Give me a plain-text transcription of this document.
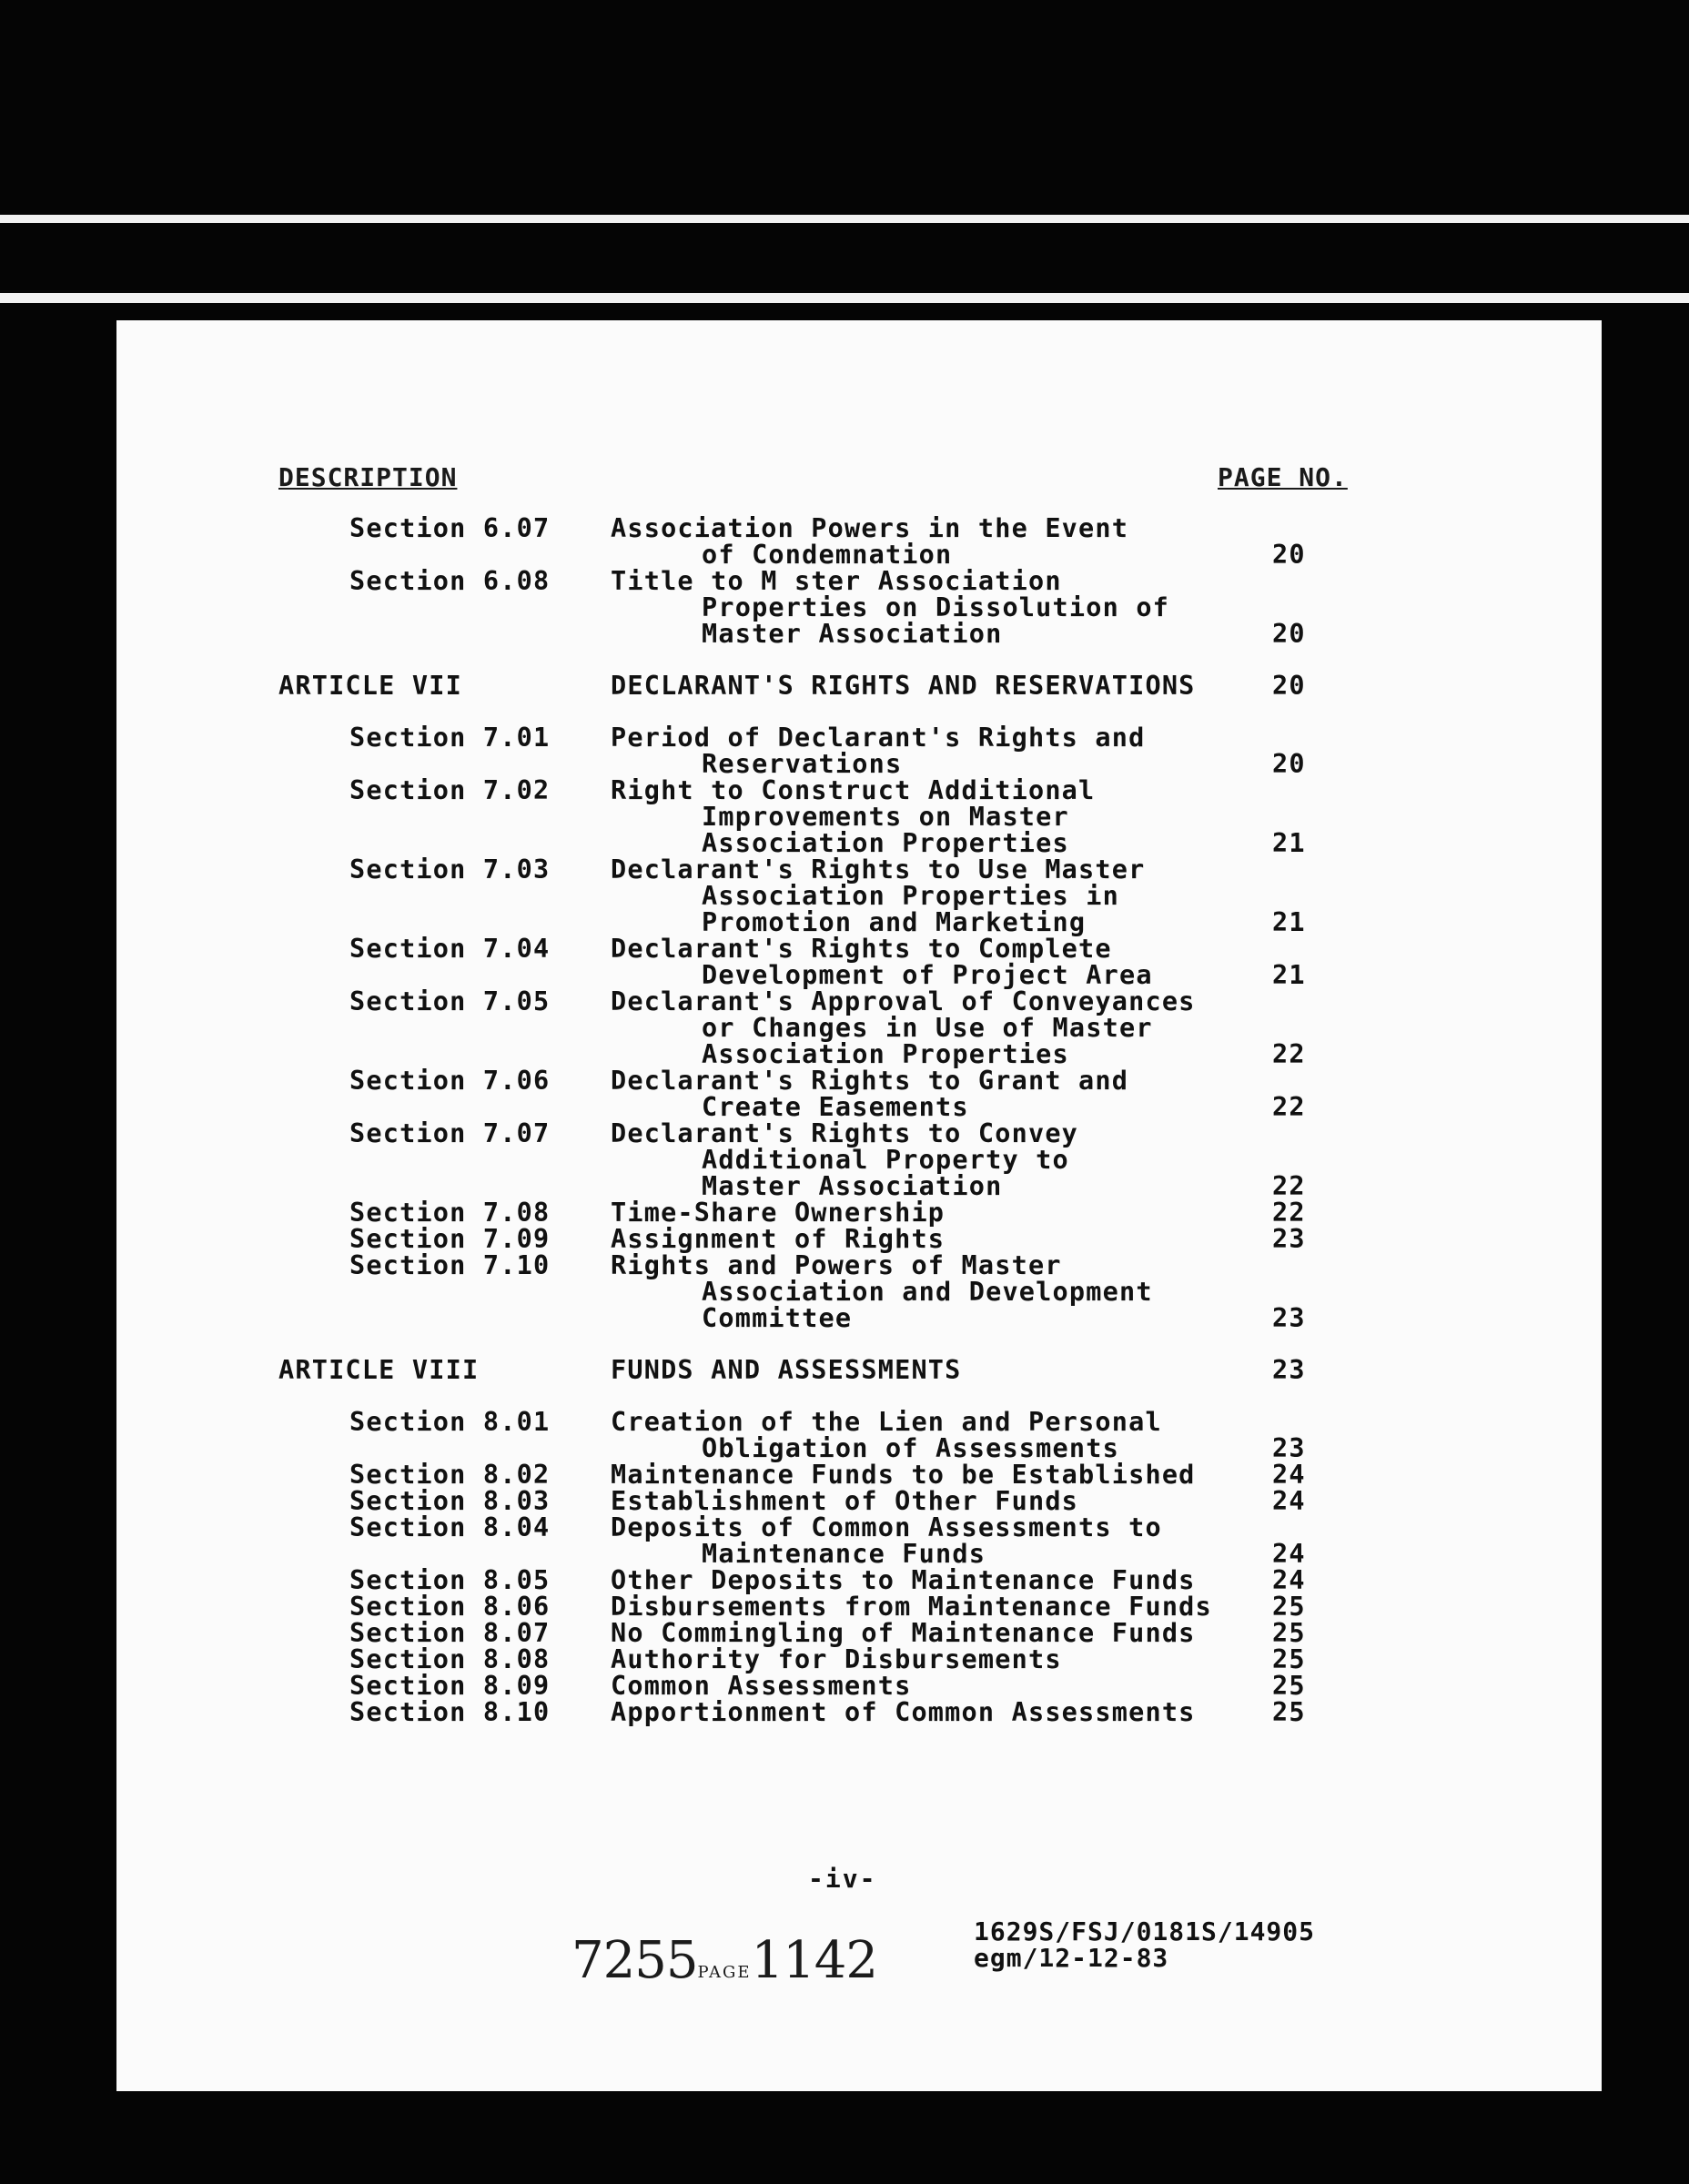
DESCRIPTION	PAGE NO.
Section 6.07 Association Powers in the Event
of Condemnation	20
Section 6.08 Title to M ster Association
Properties on Dissolution of
Master Association	20
ARTICLE VII	DECLARANT'S RIGHTS AND RESERVATIONS	20
Section 7.01 Period of Declarant's Rights and
Reservations	20
Section 7.02 Right to Construct Additional
Improvements on Master
Association Properties	21
Section 7.03 Declarant's Rights to Use Master
Association Properties in
Promotion and Marketing	21
Section 7.04 Declarant's Rights to Complete
Development of Project Area	21
Section 7.05 Declarant's Approval of Conveyances
or Changes in Use of Master
Association Properties	22
Section 7.06 Declarant's Rights to Grant and
Create Easements	22
Section 7.07 Declarant's Rights to Convey
Additional Property to
Master Association	22
Section 7.08 Time-Share Ownership	22
Section 7.09 Assignment of Rights	23
Section 7.10 Rights and Powers of Master
Association and Development
Committee	23
ARTICLE VIII	FUNDS AND ASSESSMENTS	23
Section 8.01 Creation of the Lien and Personal
Obligation of Assessments	23
Section 8.02 Maintenance Funds to be Established	24
Section 8.03 Establishment of Other Funds	24
Section 8.04 Deposits of Common Assessments to
Maintenance Funds	24
Section 8.05 Other Deposits to Maintenance Funds	24
Section 8.06 Disbursements from Maintenance Funds 25
Section 8.07 No Commingling of Maintenance Funds	25
Section 8.08 Authority for Disbursements	25
Section 8.09 Common Assessments	25
Section 8.10 Apportionment of Common Assessments	25
-iv-
7255PAGE1142	1629S/FSJ/0181S/14905
egm/12-12-83
